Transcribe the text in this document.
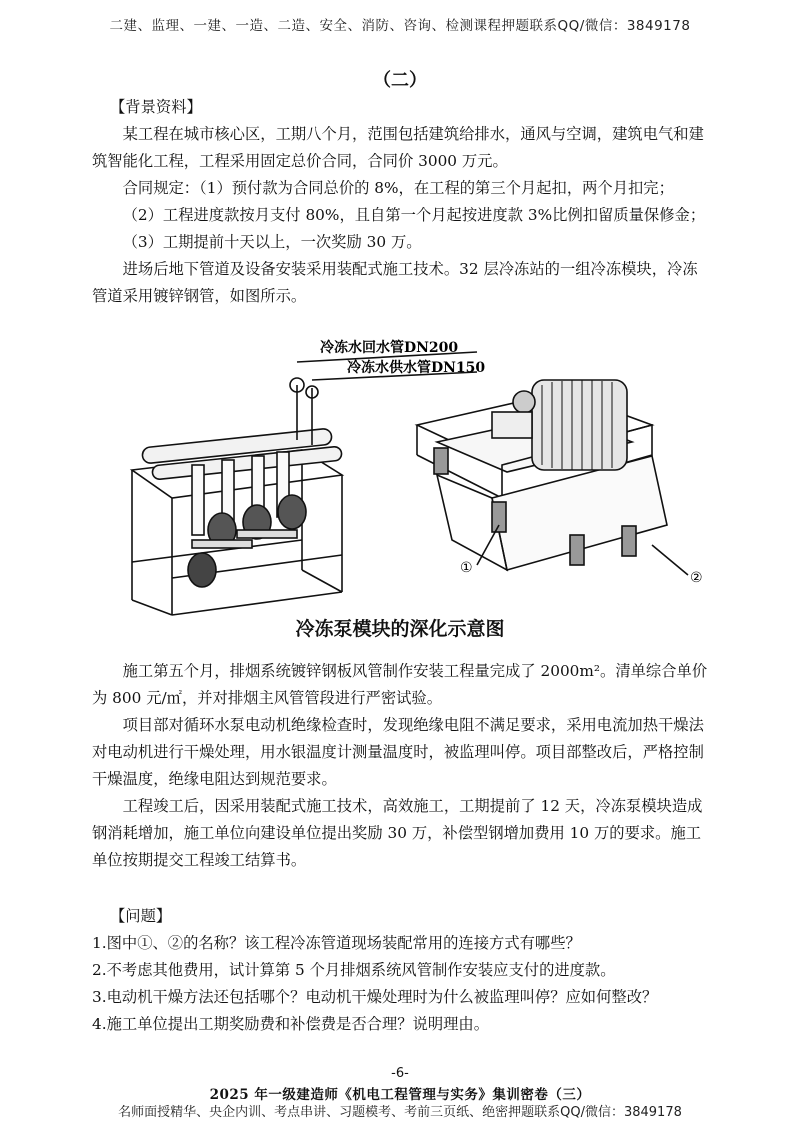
二建、监理、一建、一造、二造、安全、消防、咨询、检测课程押题联系QQ/微信：3849178
（二）

【背景资料】

某工程在城市核心区，工期八个月，范围包括建筑给排水，通风与空调，建筑电气和建筑智能化工程，工程采用固定总价合同，合同价 3000 万元。

合同规定：（1）预付款为合同总价的 8%，在工程的第三个月起扣，两个月扣完；

（2）工程进度款按月支付 80%，且自第一个月起按进度款 3%比例扣留质量保修金；

（3）工期提前十天以上，一次奖励 30 万。

进场后地下管道及设备安装采用装配式施工技术。32 层冷冻站的一组冷冻模块，冷冻管道采用镀锌钢管，如图所示。

冷冻水回水管DN200
冷冻水供水管DN150
①
②
冷冻泵模块的深化示意图

施工第五个月，排烟系统镀锌钢板风管制作安装工程量完成了 2000m²。清单综合单价为 800 元/㎡，并对排烟主风管管段进行严密试验。

项目部对循环水泵电动机绝缘检查时，发现绝缘电阻不满足要求，采用电流加热干燥法对电动机进行干燥处理，用水银温度计测量温度时，被监理叫停。项目部整改后，严格控制干燥温度，绝缘电阻达到规范要求。

工程竣工后，因采用装配式施工技术，高效施工，工期提前了 12 天，冷冻泵模块造成钢消耗增加，施工单位向建设单位提出奖励 30 万，补偿型钢增加费用 10 万的要求。施工单位按期提交工程竣工结算书。

【问题】

1.图中①、②的名称？该工程冷冻管道现场装配常用的连接方式有哪些？

2.不考虑其他费用，试计算第 5 个月排烟系统风管制作安装应支付的进度款。

3.电动机干燥方法还包括哪个？电动机干燥处理时为什么被监理叫停？应如何整改？

4.施工单位提出工期奖励费和补偿费是否合理？说明理由。

-6-
2025 年一级建造师《机电工程管理与实务》集训密卷（三）
名师面授精华、央企内训、考点串讲、习题模考、考前三页纸、绝密押题联系QQ/微信：3849178
